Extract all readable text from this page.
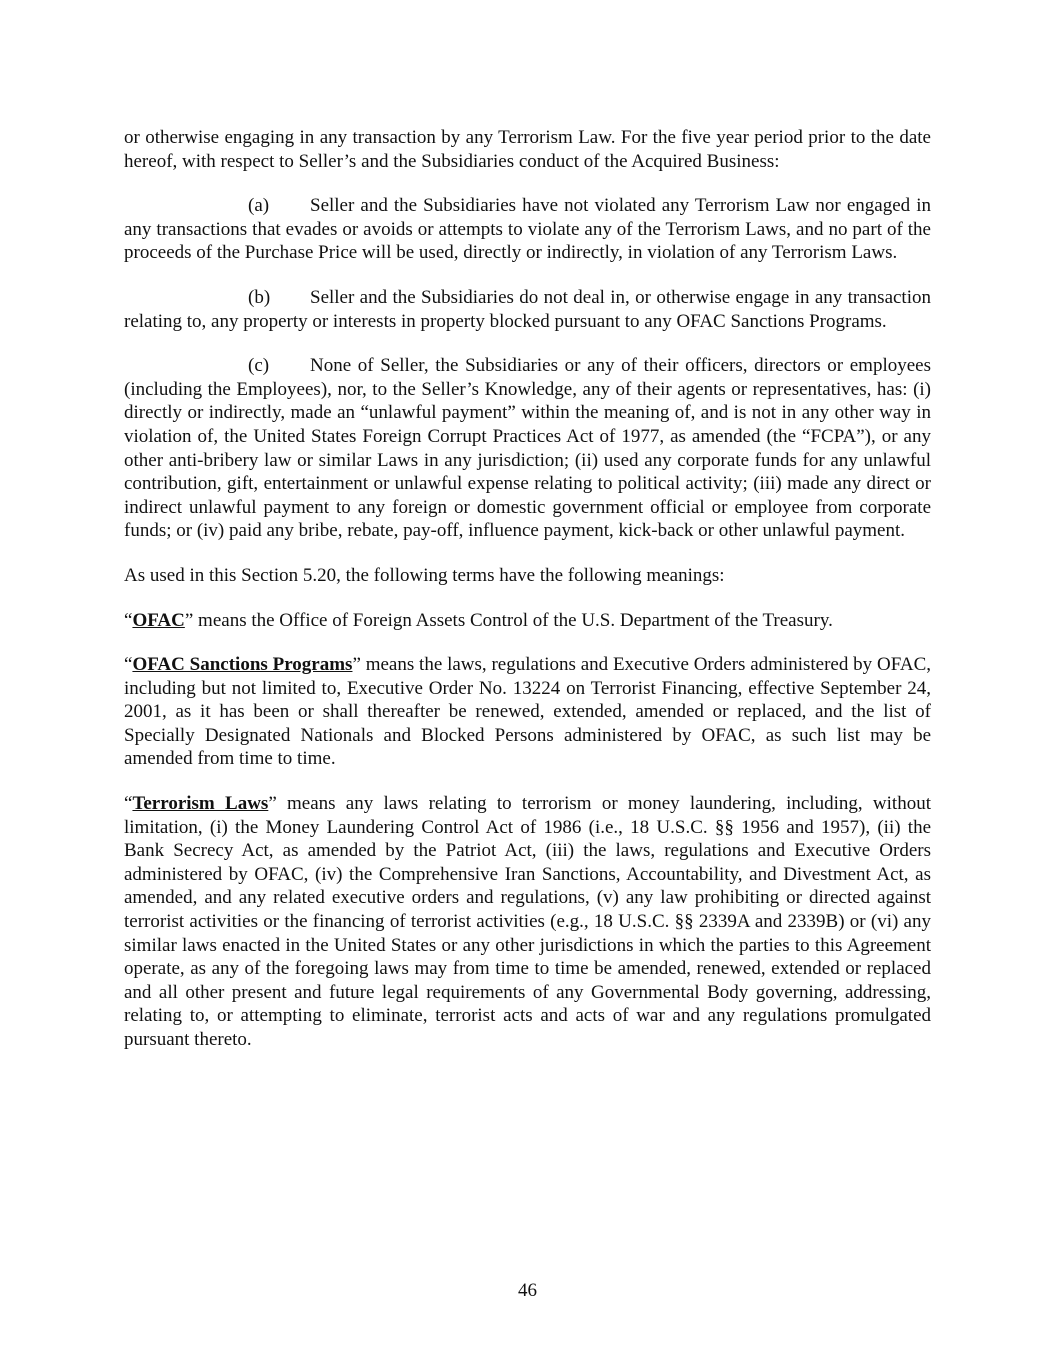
or otherwise engaging in any transaction by any Terrorism Law. For the five year period prior to the date hereof, with respect to Seller’s and the Subsidiaries conduct of the Acquired Business:

(a) Seller and the Subsidiaries have not violated any Terrorism Law nor engaged in any transactions that evades or avoids or attempts to violate any of the Terrorism Laws, and no part of the proceeds of the Purchase Price will be used, directly or indirectly, in violation of any Terrorism Laws.

(b) Seller and the Subsidiaries do not deal in, or otherwise engage in any transaction relating to, any property or interests in property blocked pursuant to any OFAC Sanctions Programs.

(c) None of Seller, the Subsidiaries or any of their officers, directors or employees (including the Employees), nor, to the Seller’s Knowledge, any of their agents or representatives, has: (i) directly or indirectly, made an “unlawful payment” within the meaning of, and is not in any other way in violation of, the United States Foreign Corrupt Practices Act of 1977, as amended (the “FCPA”), or any other anti-bribery law or similar Laws in any jurisdiction; (ii) used any corporate funds for any unlawful contribution, gift, entertainment or unlawful expense relating to political activity; (iii) made any direct or indirect unlawful payment to any foreign or domestic government official or employee from corporate funds; or (iv) paid any bribe, rebate, pay-off, influence payment, kick-back or other unlawful payment.

As used in this Section 5.20, the following terms have the following meanings:

“OFAC” means the Office of Foreign Assets Control of the U.S. Department of the Treasury.

“OFAC Sanctions Programs” means the laws, regulations and Executive Orders administered by OFAC, including but not limited to, Executive Order No. 13224 on Terrorist Financing, effective September 24, 2001, as it has been or shall thereafter be renewed, extended, amended or replaced, and the list of Specially Designated Nationals and Blocked Persons administered by OFAC, as such list may be amended from time to time.

“Terrorism Laws” means any laws relating to terrorism or money laundering, including, without limitation, (i) the Money Laundering Control Act of 1986 (i.e., 18 U.S.C. §§ 1956 and 1957), (ii) the Bank Secrecy Act, as amended by the Patriot Act, (iii) the laws, regulations and Executive Orders administered by OFAC, (iv) the Comprehensive Iran Sanctions, Accountability, and Divestment Act, as amended, and any related executive orders and regulations, (v) any law prohibiting or directed against terrorist activities or the financing of terrorist activities (e.g., 18 U.S.C. §§ 2339A and 2339B) or (vi) any similar laws enacted in the United States or any other jurisdictions in which the parties to this Agreement operate, as any of the foregoing laws may from time to time be amended, renewed, extended or replaced and all other present and future legal requirements of any Governmental Body governing, addressing, relating to, or attempting to eliminate, terrorist acts and acts of war and any regulations promulgated pursuant thereto.

46
